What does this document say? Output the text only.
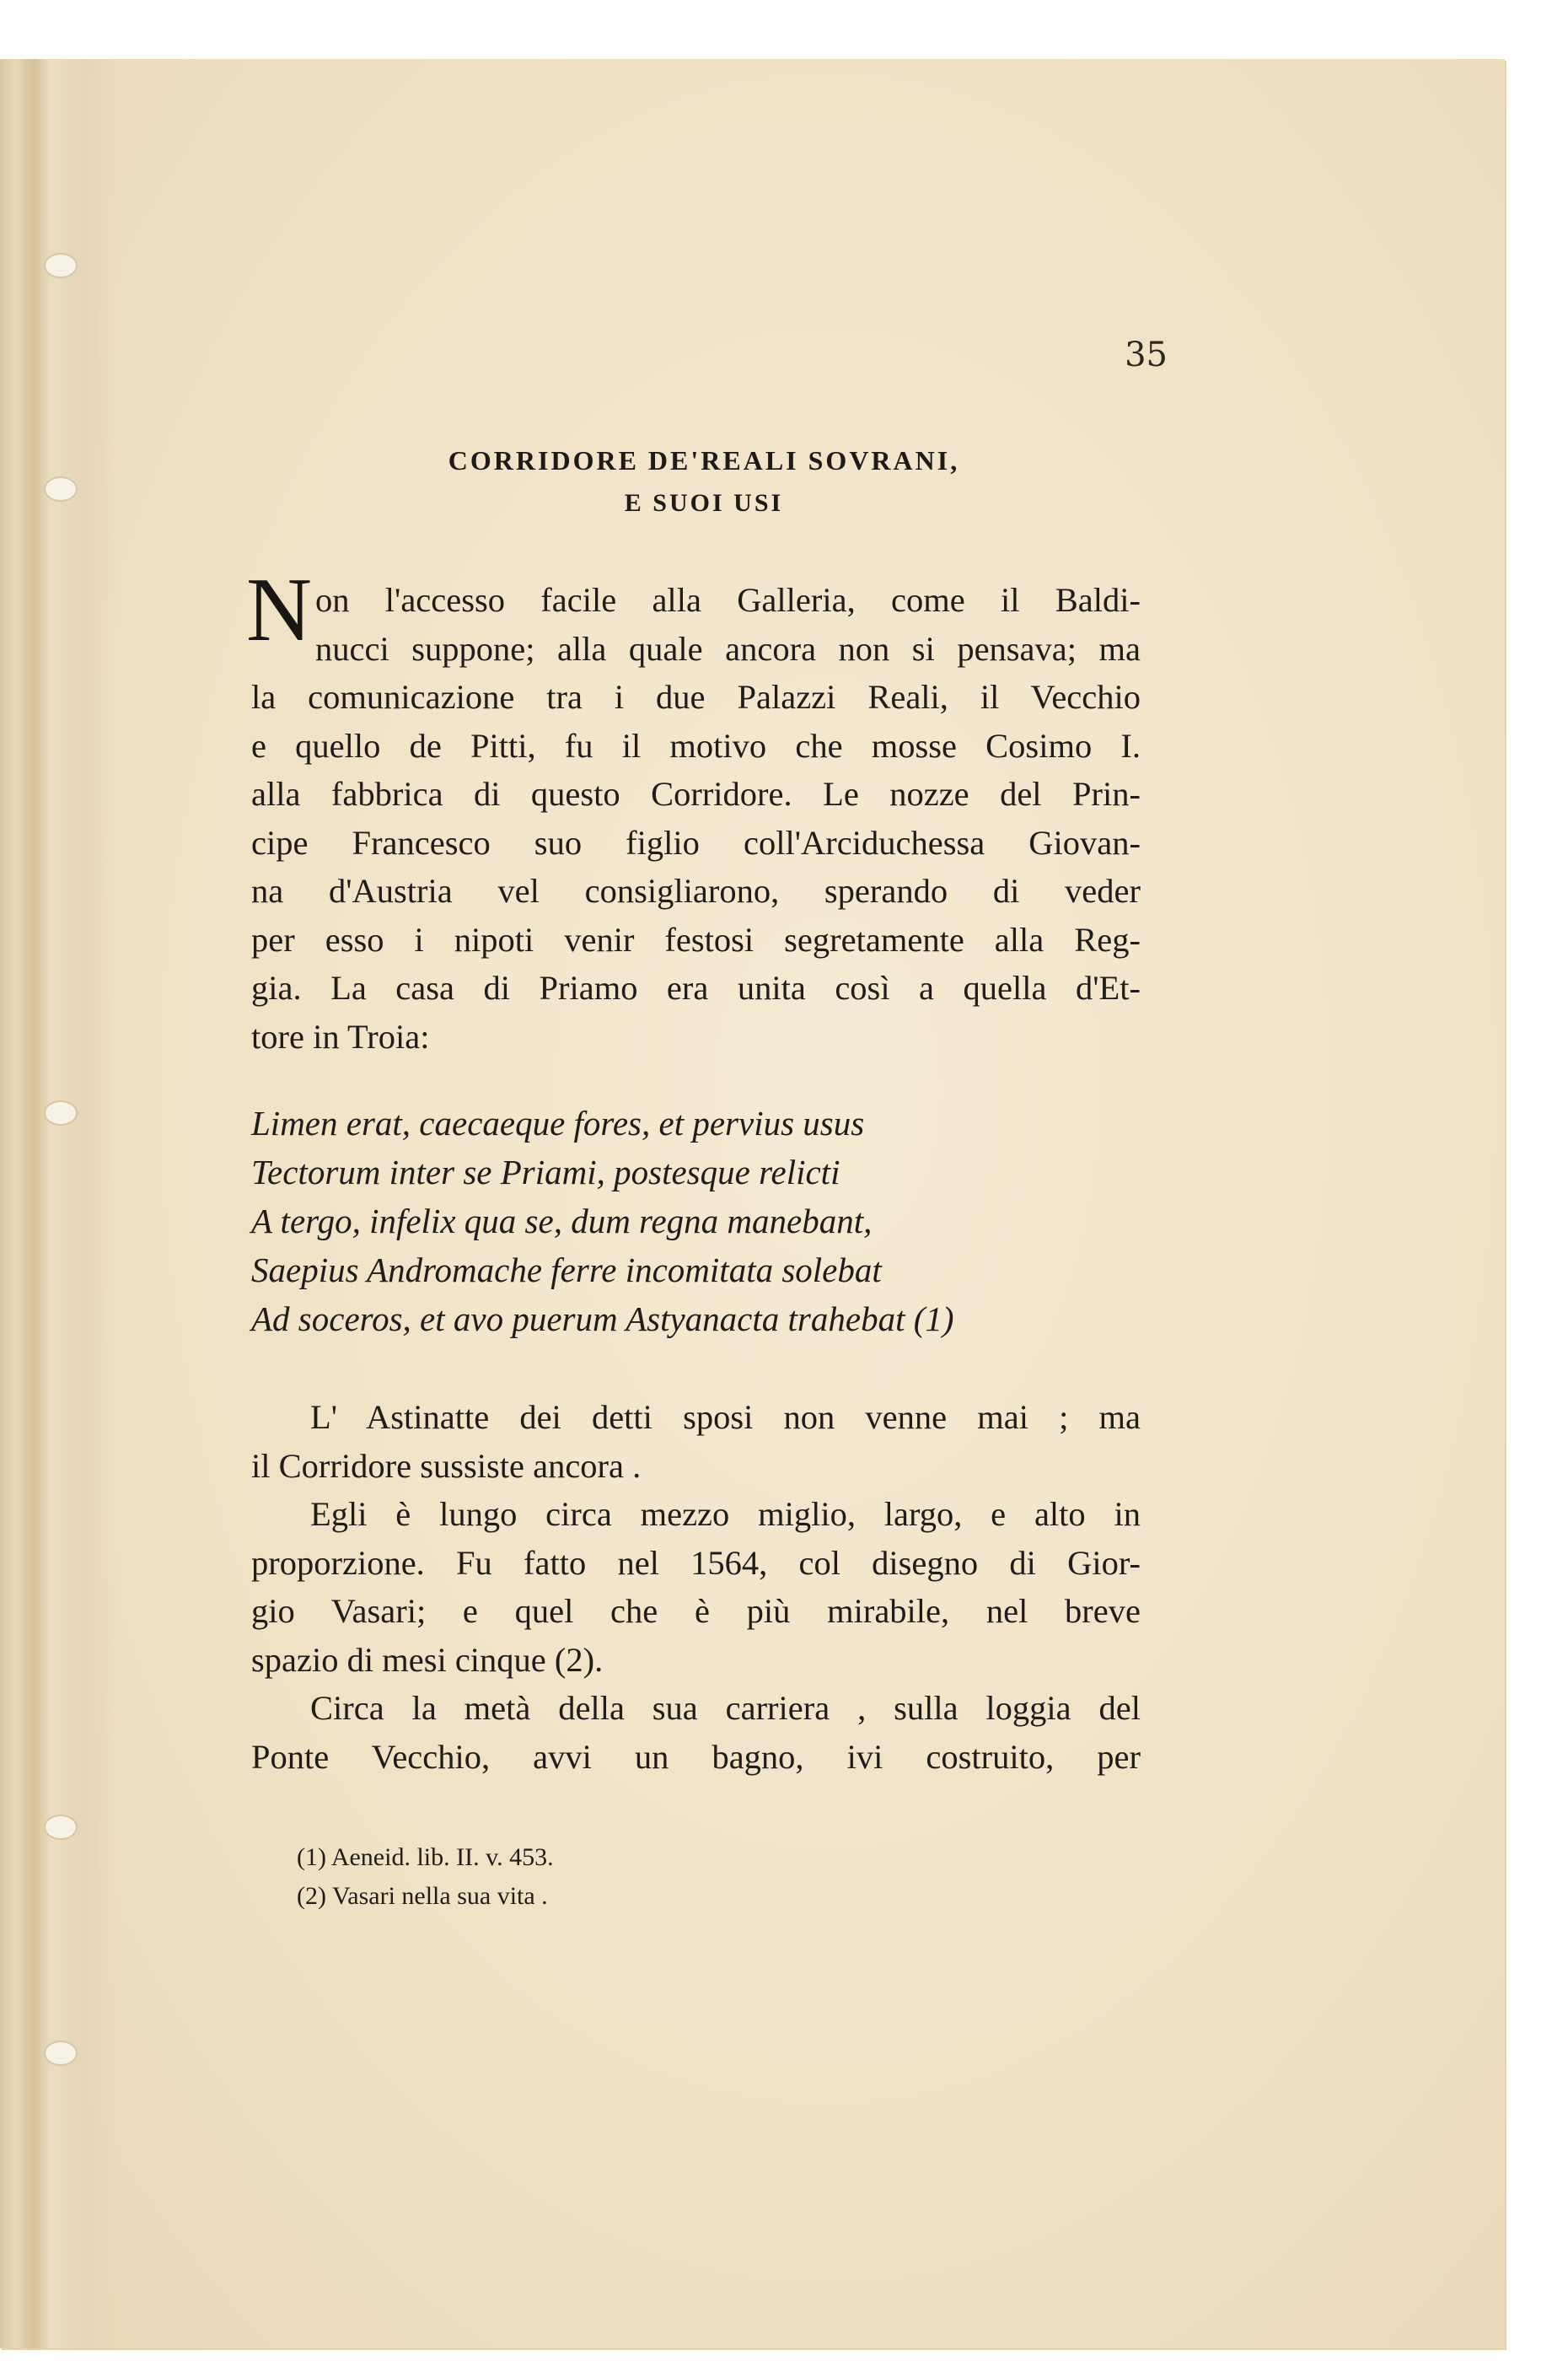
35

CORRIDORE DE'REALI SOVRANI,

E SUOI USI

N on l'accesso facile alla Galleria, come il Baldi-
nucci suppone; alla quale ancora non si pensava; ma
la comunicazione tra i due Palazzi Reali, il Vecchio
e quello de Pitti, fu il motivo che mosse Cosimo I.
alla fabbrica di questo Corridore. Le nozze del Prin-
cipe Francesco suo figlio coll'Arciduchessa Giovan-
na d'Austria vel consigliarono, sperando di veder
per esso i nipoti venir festosi segretamente alla Reg-
gia. La casa di Priamo era unita così a quella d'Et-
tore in Troia:
Limen erat, caecaeque fores, et pervius usus
Tectorum inter se Priami, postesque relicti
A tergo, infelix qua se, dum regna manebant,
Saepius Andromache ferre incomitata solebat
Ad soceros, et avo puerum Astyanacta trahebat (1)
L' Astinatte dei detti sposi non venne mai ; ma
il Corridore sussiste ancora .
Egli è lungo circa mezzo miglio, largo, e alto in
proporzione. Fu fatto nel 1564, col disegno di Gior-
gio Vasari; e quel che è più mirabile, nel breve
spazio di mesi cinque (2).
Circa la metà della sua carriera , sulla loggia del
Ponte Vecchio, avvi un bagno, ivi costruito, per
(1) Aeneid. lib. II. v. 453.
(2) Vasari nella sua vita .
